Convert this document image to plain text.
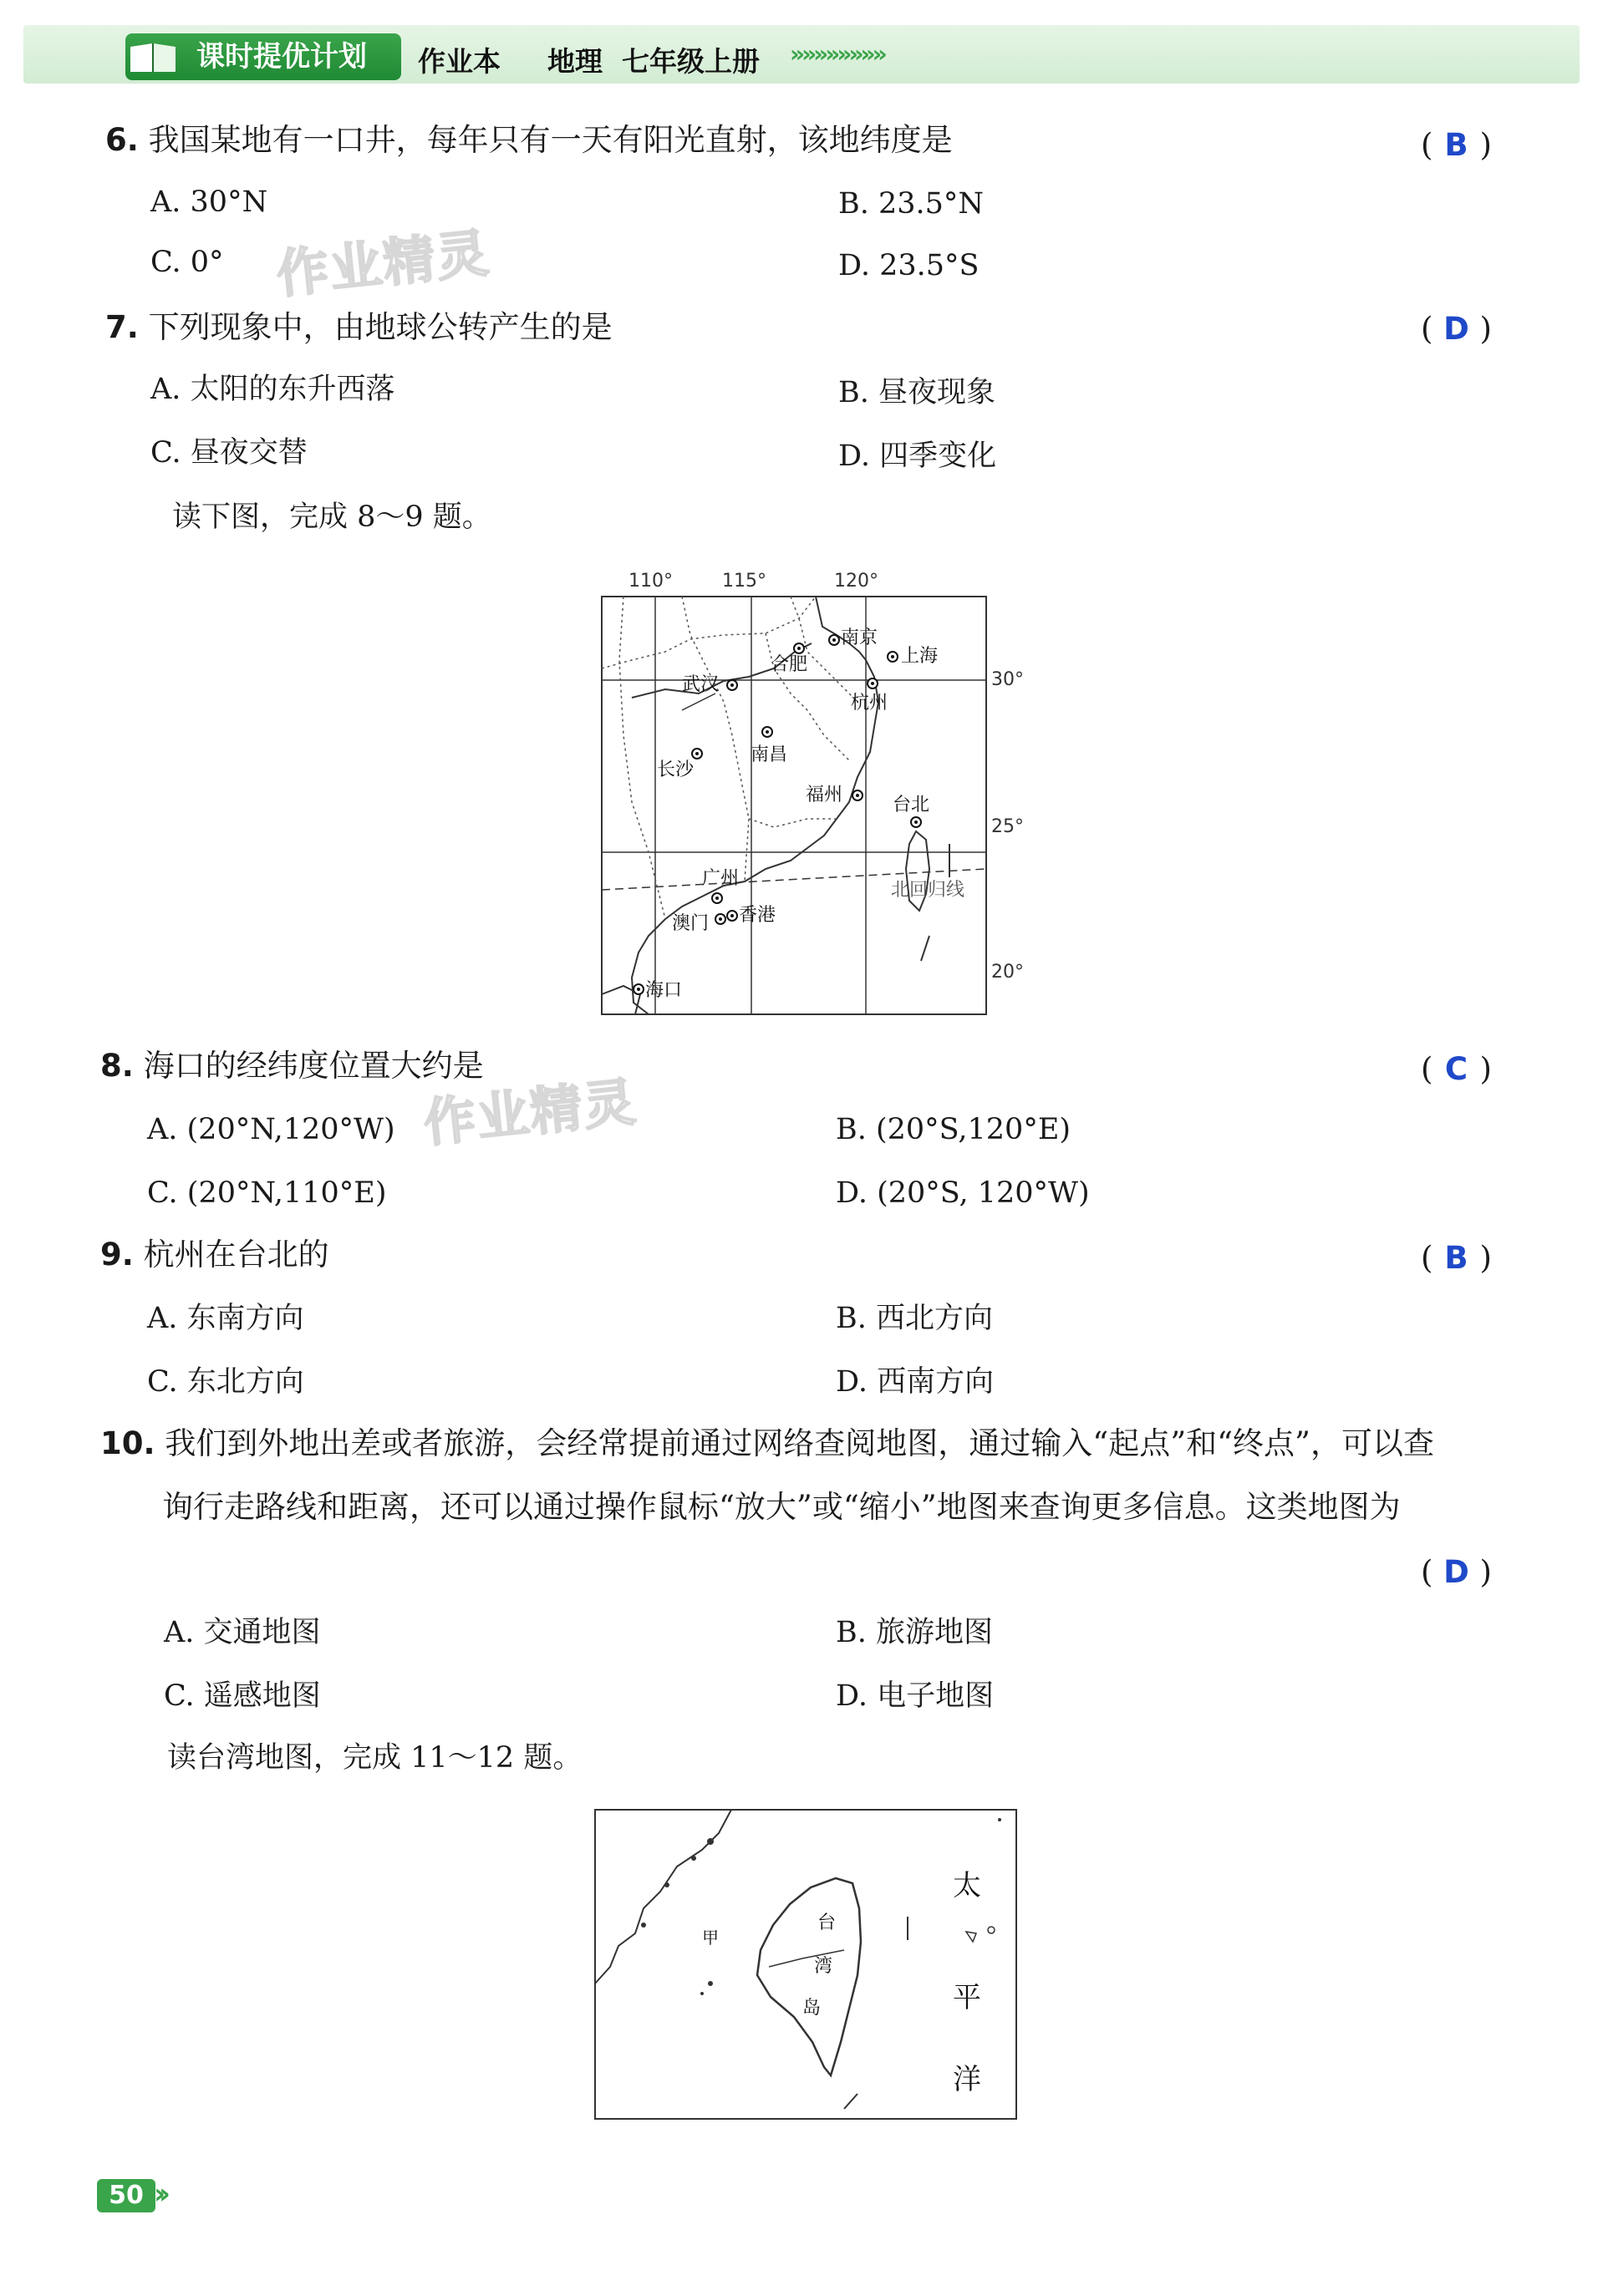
课时提优计划	作业本 地理  七年级上册 »»»»»»»»
6. 我国某地有一口井，每年只有一天有阳光直射，该地纬度是	( B )
A. 30°N	B. 23.5°N
C. 0°	D. 23.5°S
作业精灵
7. 下列现象中，由地球公转产生的是	( D )
A. 太阳的东升西落	B. 昼夜现象
C. 昼夜交替	D. 四季变化
读下图，完成 8～9 题。
110°	115°	120°
30°
25°
20°
南京
上海
合肥
武汉
杭州
南昌
长沙
福州	台北
广州
澳门 香港
海口
北回归线
8. 海口的经纬度位置大约是	( C )
A. (20°N,120°W)	B. (20°S,120°E)
C. (20°N,110°E)	D. (20°S, 120°W)
作业精灵
9. 杭州在台北的	( B )
A. 东南方向	B. 西北方向
C. 东北方向	D. 西南方向
10. 我们到外地出差或者旅游，会经常提前通过网络查阅地图，通过输入“起点”和“终点”，可以查
询行走路线和距离，还可以通过操作鼠标“放大”或“缩小”地图来查询更多信息。这类地图为
( D )
A. 交通地图	B. 旅游地图
C. 遥感地图	D. 电子地图
读台湾地图，完成 11～12 题。
甲
台
湾
岛
太
平
洋
50 ››
